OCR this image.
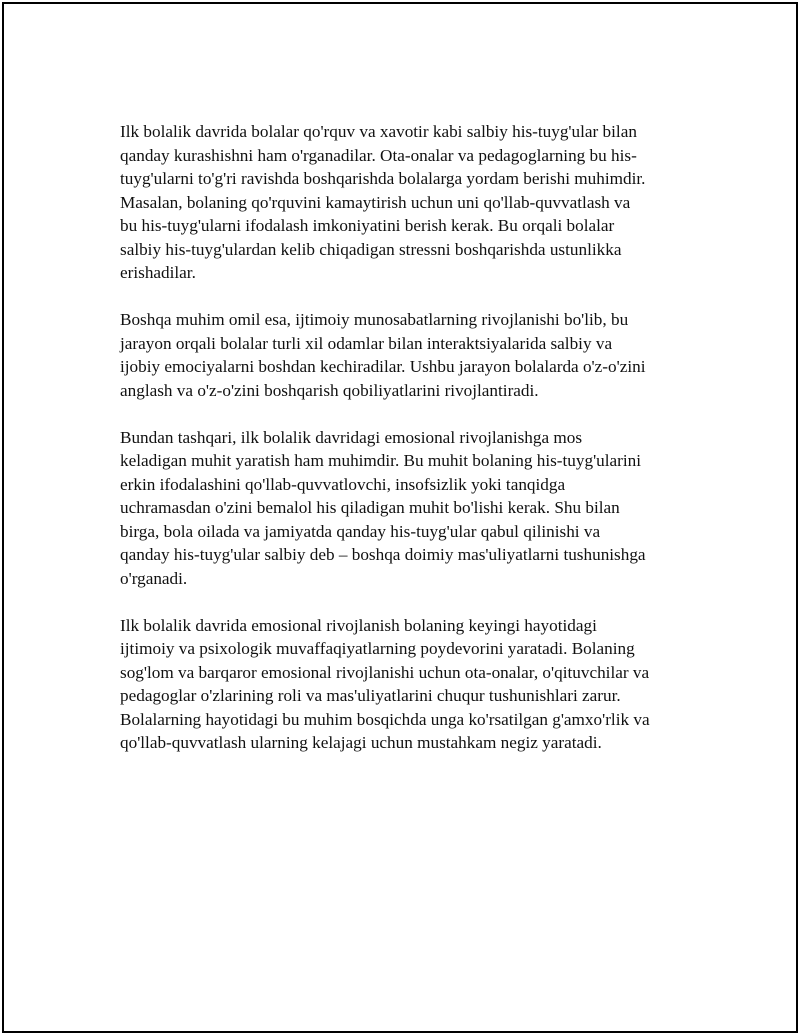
Ilk bolalik davrida bolalar qo'rquv va xavotir kabi salbiy his-tuyg'ular bilan
qanday kurashishni ham o'rganadilar. Ota-onalar va pedagoglarning bu his-
tuyg'ularni to'g'ri ravishda boshqarishda bolalarga yordam berishi muhimdir.
Masalan, bolaning qo'rquvini kamaytirish uchun uni qo'llab-quvvatlash va
bu his-tuyg'ularni ifodalash imkoniyatini berish kerak. Bu orqali bolalar
salbiy his-tuyg'ulardan kelib chiqadigan stressni boshqarishda ustunlikka
erishadilar.

Boshqa muhim omil esa, ijtimoiy munosabatlarning rivojlanishi bo'lib, bu
jarayon orqali bolalar turli xil odamlar bilan interaktsiyalarida salbiy va
ijobiy emociyalarni boshdan kechiradilar. Ushbu jarayon bolalarda o'z-o'zini
anglash va o'z-o'zini boshqarish qobiliyatlarini rivojlantiradi.

Bundan tashqari, ilk bolalik davridagi emosional rivojlanishga mos
keladigan muhit yaratish ham muhimdir. Bu muhit bolaning his-tuyg'ularini
erkin ifodalashini qo'llab-quvvatlovchi, insofsizlik yoki tanqidga
uchramasdan o'zini bemalol his qiladigan muhit bo'lishi kerak. Shu bilan
birga, bola oilada va jamiyatda qanday his-tuyg'ular qabul qilinishi va
qanday his-tuyg'ular salbiy deb – boshqa doimiy mas'uliyatlarni tushunishga
o'rganadi.

Ilk bolalik davrida emosional rivojlanish bolaning keyingi hayotidagi
ijtimoiy va psixologik muvaffaqiyatlarning poydevorini yaratadi. Bolaning
sog'lom va barqaror emosional rivojlanishi uchun ota-onalar, o'qituvchilar va
pedagoglar o'zlarining roli va mas'uliyatlarini chuqur tushunishlari zarur.
Bolalarning hayotidagi bu muhim bosqichda unga ko'rsatilgan g'amxo'rlik va
qo'llab-quvvatlash ularning kelajagi uchun mustahkam negiz yaratadi.
